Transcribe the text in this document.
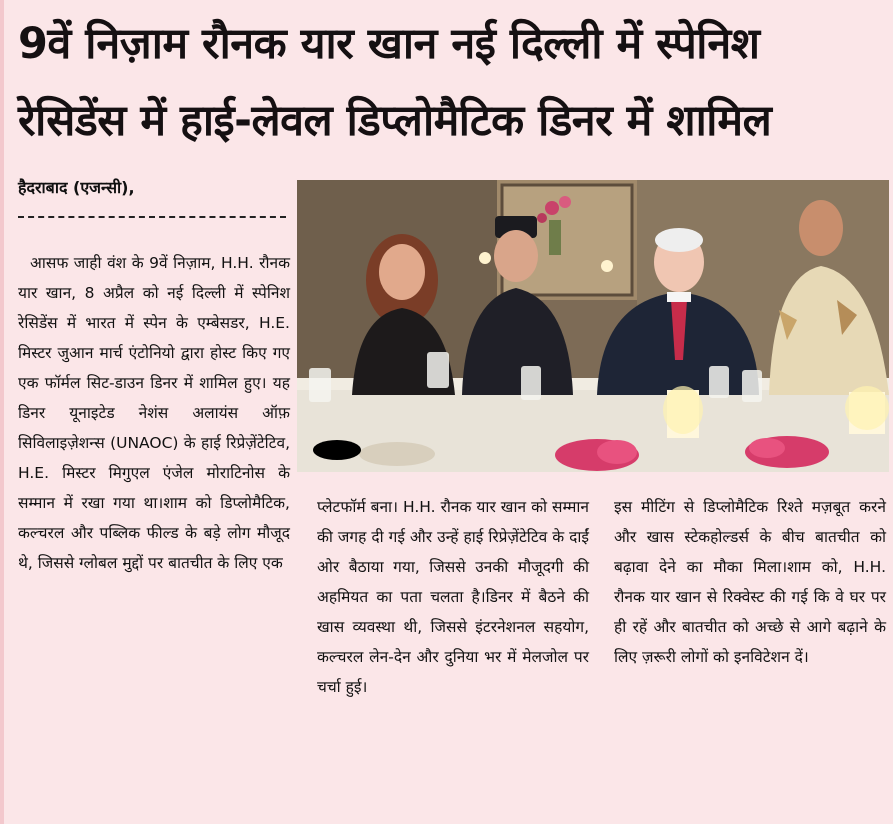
9वें निज़ाम रौनक यार खान नई दिल्ली में स्पेनिश
रेसिडेंस में हाई-लेवल डिप्लोमैटिक डिनर में शामिल
हैदराबाद (एजन्सी),

आसफ जाही वंश के 9वें निज़ाम, H.H. रौनक यार खान, 8 अप्रैल को नई दिल्ली में स्पेनिश रेसिडेंस में भारत में स्पेन के एम्बेसडर, H.E. मिस्टर जुआन मार्च एंटोनियो द्वारा होस्ट किए गए एक फॉर्मल सिट-डाउन डिनर में शामिल हुए। यह डिनर यूनाइटेड नेशंस अलायंस ऑफ़ सिविलाइज़ेशन्स (UNAOC) के हाई रिप्रेज़ेंटेटिव, H.E. मिस्टर मिगुएल एंजेल मोराटिनोस के सम्मान में रखा गया था।शाम को डिप्लोमैटिक, कल्चरल और पब्लिक फील्ड के बड़े लोग मौजूद थे, जिससे ग्लोबल मुद्दों पर बातचीत के लिए एक

प्लेटफॉर्म बना। H.H. रौनक यार खान को सम्मान की जगह दी गई और उन्हें हाई रिप्रेज़ेंटेटिव के दाईं ओर बैठाया गया, जिससे उनकी मौजूदगी की अहमियत का पता चलता है।डिनर में बैठने की खास व्यवस्था थी, जिससे इंटरनेशनल सहयोग, कल्चरल लेन-देन और दुनिया भर में मेलजोल पर चर्चा हुई।

इस मीटिंग से डिप्लोमैटिक रिश्ते मज़बूत करने और खास स्टेकहोल्डर्स के बीच बातचीत को बढ़ावा देने का मौका मिला।शाम को, H.H. रौनक यार खान से रिक्वेस्ट की गई कि वे घर पर ही रहें और बातचीत को अच्छे से आगे बढ़ाने के लिए ज़रूरी लोगों को इनविटेशन दें।
